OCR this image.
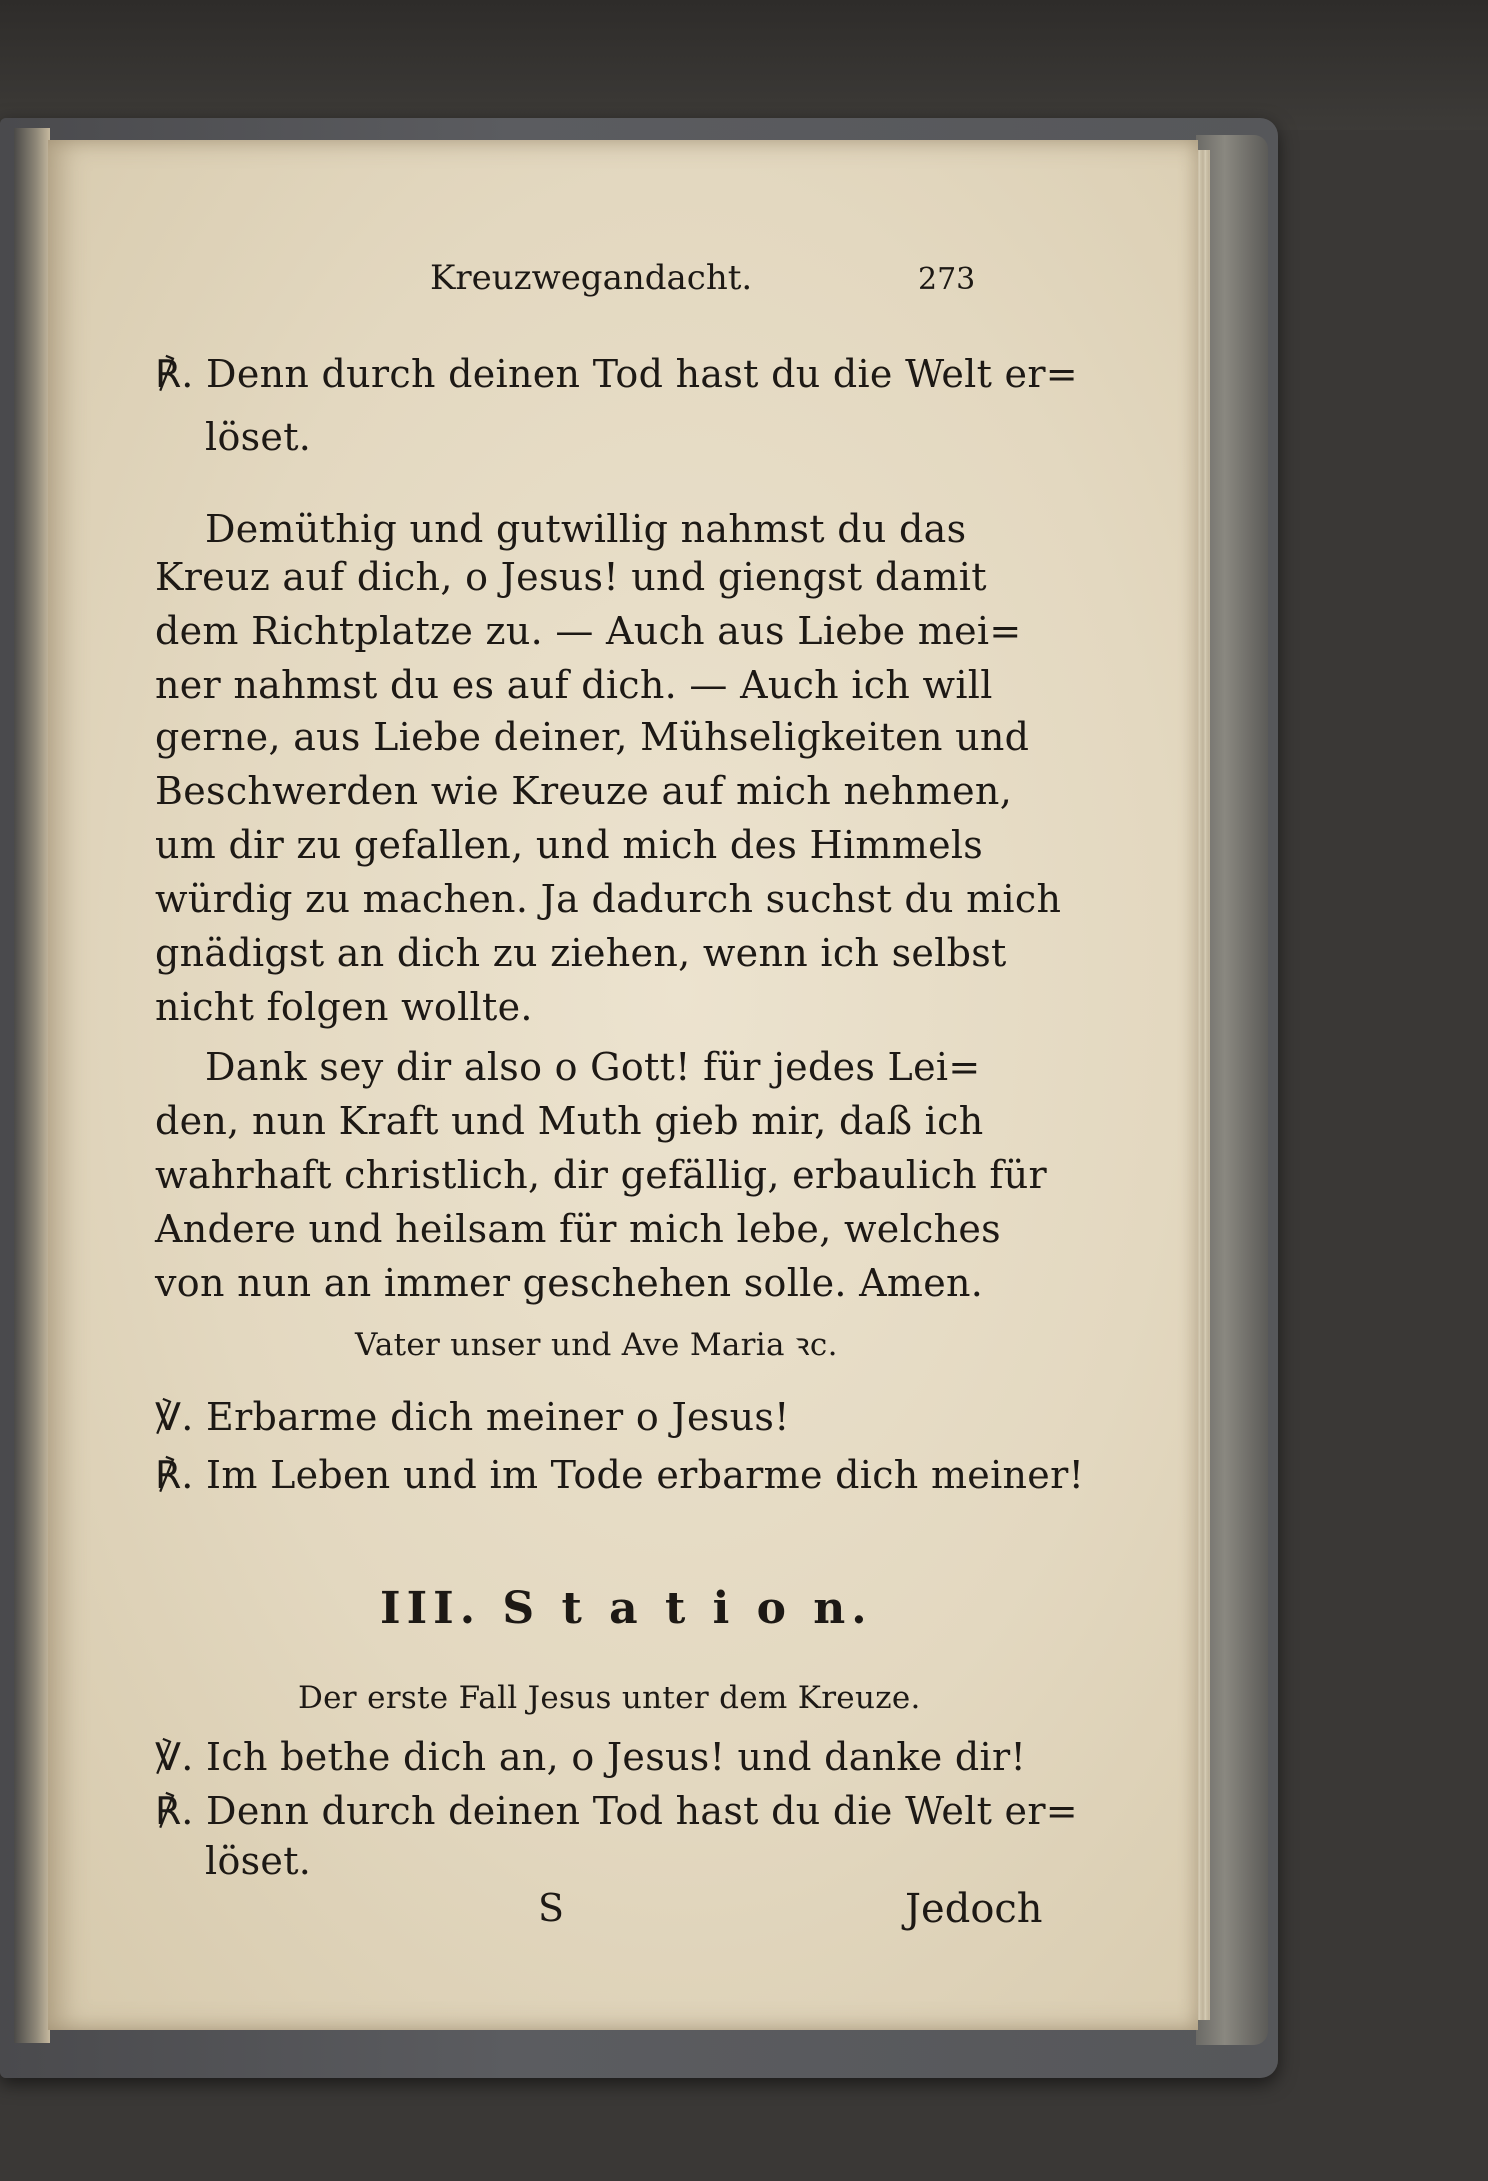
Kreuzwegandacht.	273
℟. Denn durch deinen Tod hast du die Welt er=
löset.
Demüthig und gutwillig nahmst du das
Kreuz auf dich, o Jesus! und giengst damit
dem Richtplatze zu. — Auch aus Liebe mei=
ner nahmst du es auf dich. — Auch ich will
gerne, aus Liebe deiner, Mühseligkeiten und
Beschwerden wie Kreuze auf mich nehmen,
um dir zu gefallen, und mich des Himmels
würdig zu machen. Ja dadurch suchst du mich
gnädigst an dich zu ziehen, wenn ich selbst
nicht folgen wollte.
Dank sey dir also o Gott! für jedes Lei=
den, nun Kraft und Muth gieb mir, daß ich
wahrhaft christlich, dir gefällig, erbaulich für
Andere und heilsam für mich lebe, welches
von nun an immer geschehen solle. Amen.
Vater unser und Ave Maria ꝛc.
℣. Erbarme dich meiner o Jesus!
℟. Im Leben und im Tode erbarme dich meiner!
III. S t a t i o n.
Der erste Fall Jesus unter dem Kreuze.
℣. Ich bethe dich an, o Jesus! und danke dir!
℟. Denn durch deinen Tod hast du die Welt er=
löset.
S	Jedoch
